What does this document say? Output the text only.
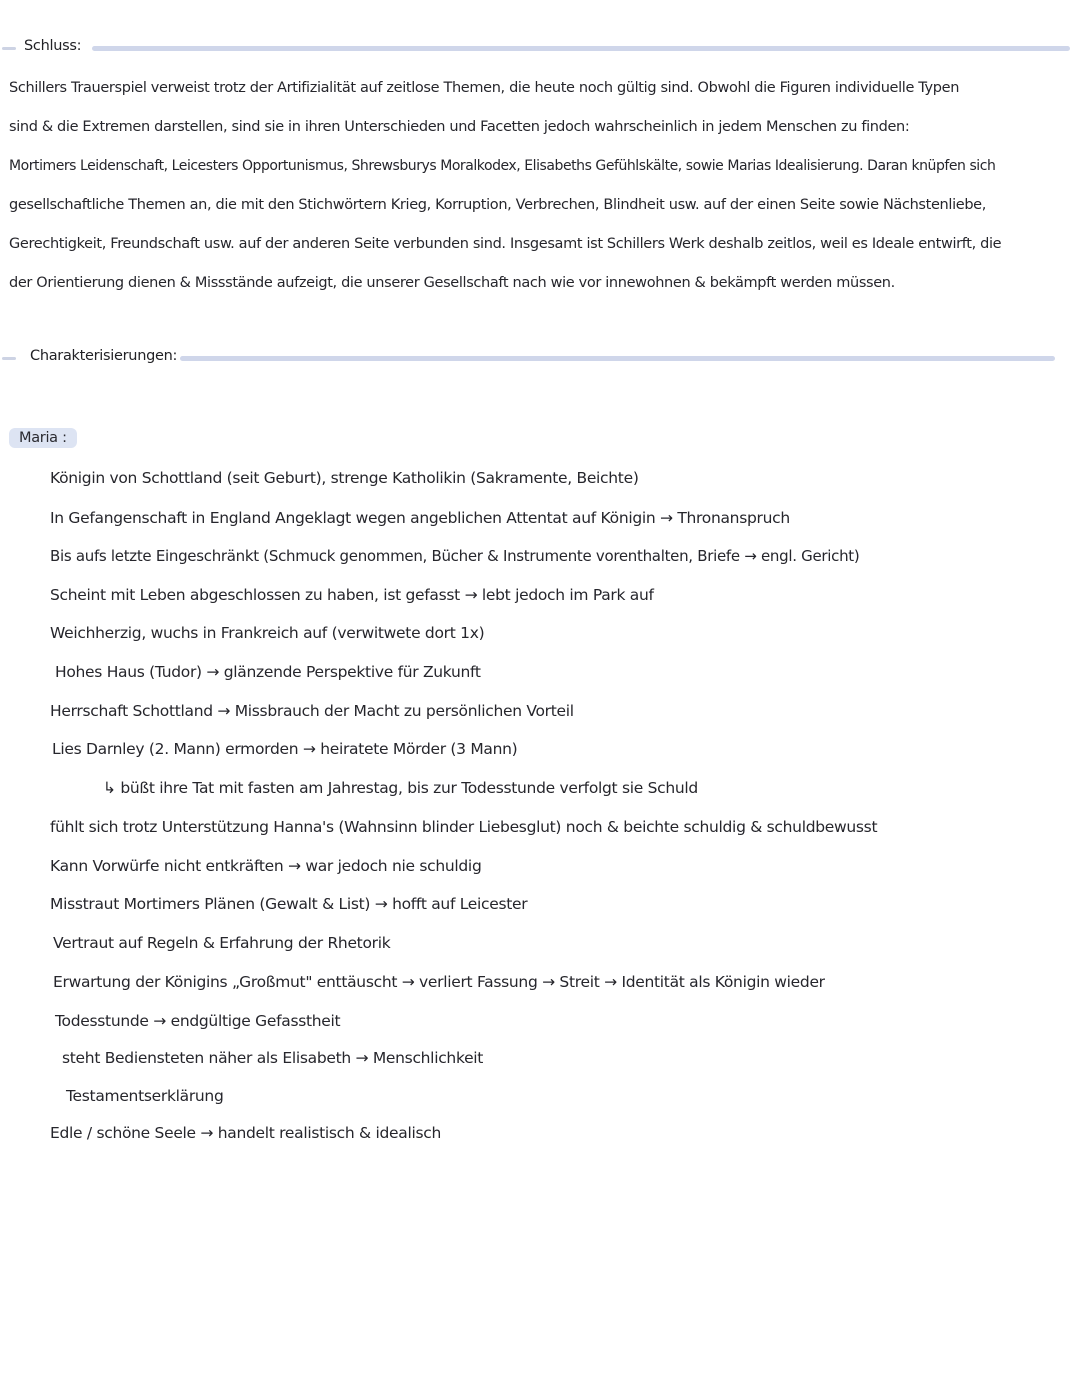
Schluss:
Schillers Trauerspiel verweist trotz der Artifizialität auf zeitlose Themen, die heute noch gültig sind. Obwohl die Figuren individuelle Typen
sind & die Extremen darstellen, sind sie in ihren Unterschieden und Facetten jedoch wahrscheinlich in jedem Menschen zu finden:
Mortimers Leidenschaft, Leicesters Opportunismus, Shrewsburys Moralkodex, Elisabeths Gefühlskälte, sowie Marias Idealisierung. Daran knüpfen sich
gesellschaftliche Themen an, die mit den Stichwörtern Krieg, Korruption, Verbrechen, Blindheit usw. auf der einen Seite sowie Nächstenliebe,
Gerechtigkeit, Freundschaft usw. auf der anderen Seite verbunden sind. Insgesamt ist Schillers Werk deshalb zeitlos, weil es Ideale entwirft, die
der Orientierung dienen & Missstände aufzeigt, die unserer Gesellschaft nach wie vor innewohnen & bekämpft werden müssen.
Charakterisierungen:
Maria :
Königin von Schottland (seit Geburt), strenge Katholikin (Sakramente, Beichte)
In Gefangenschaft in England Angeklagt wegen angeblichen Attentat auf Königin → Thronanspruch
Bis aufs letzte Eingeschränkt (Schmuck genommen, Bücher & Instrumente vorenthalten, Briefe → engl. Gericht)
Scheint mit Leben abgeschlossen zu haben, ist gefasst → lebt jedoch im Park auf
Weichherzig, wuchs in Frankreich auf (verwitwete dort 1x)
Hohes Haus (Tudor) → glänzende Perspektive für Zukunft
Herrschaft Schottland → Missbrauch der Macht zu persönlichen Vorteil
Lies Darnley (2. Mann) ermorden → heiratete Mörder (3 Mann)
↳ büßt ihre Tat mit fasten am Jahrestag, bis zur Todesstunde verfolgt sie Schuld
fühlt sich trotz Unterstützung Hanna's (Wahnsinn blinder Liebesglut) noch & beichte schuldig & schuldbewusst
Kann Vorwürfe nicht entkräften → war jedoch nie schuldig
Misstraut Mortimers Plänen (Gewalt & List) → hofft auf Leicester
Vertraut auf Regeln & Erfahrung der Rhetorik
Erwartung der Königins „Großmut" enttäuscht → verliert Fassung → Streit → Identität als Königin wieder
Todesstunde → endgültige Gefasstheit
steht Bediensteten näher als Elisabeth → Menschlichkeit
Testamentserklärung
Edle / schöne Seele → handelt realistisch & idealisch
